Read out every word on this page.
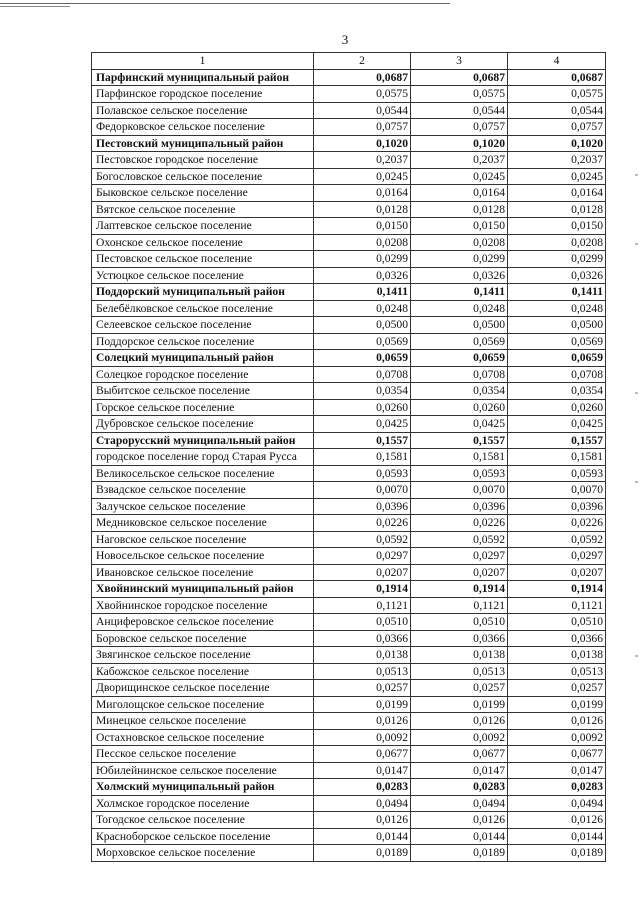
3
1	2	3	4
Парфинский муниципальный район	0,0687	0,0687	0,0687
Парфинское городское поселение	0,0575	0,0575	0,0575
Полавское сельское поселение	0,0544	0,0544	0,0544
Федорковское сельское поселение	0,0757	0,0757	0,0757
Пестовский муниципальный район	0,1020	0,1020	0,1020
Пестовское городское поселение	0,2037	0,2037	0,2037
Богословское сельское поселение	0,0245	0,0245	0,0245
Быковское сельское поселение	0,0164	0,0164	0,0164
Вятское сельское поселение	0,0128	0,0128	0,0128
Лаптевское сельское поселение	0,0150	0,0150	0,0150
Охонское сельское поселение	0,0208	0,0208	0,0208
Пестовское сельское поселение	0,0299	0,0299	0,0299
Устюцкое сельское поселение	0,0326	0,0326	0,0326
Поддорский муниципальный район	0,1411	0,1411	0,1411
Белебёлковское сельское поселение	0,0248	0,0248	0,0248
Селеевское сельское поселение	0,0500	0,0500	0,0500
Поддорское сельское поселение	0,0569	0,0569	0,0569
Солецкий муниципальный район	0,0659	0,0659	0,0659
Солецкое городское поселение	0,0708	0,0708	0,0708
Выбитское сельское поселение	0,0354	0,0354	0,0354
Горское сельское поселение	0,0260	0,0260	0,0260
Дубровское сельское поселение	0,0425	0,0425	0,0425
Старорусский муниципальный район	0,1557	0,1557	0,1557
городское поселение город Старая Русса	0,1581	0,1581	0,1581
Великосельское сельское поселение	0,0593	0,0593	0,0593
Взвадское сельское поселение	0,0070	0,0070	0,0070
Залучское сельское поселение	0,0396	0,0396	0,0396
Медниковское сельское поселение	0,0226	0,0226	0,0226
Наговское сельское поселение	0,0592	0,0592	0,0592
Новосельское сельское поселение	0,0297	0,0297	0,0297
Ивановское сельское поселение	0,0207	0,0207	0,0207
Хвойнинский муниципальный район	0,1914	0,1914	0,1914
Хвойнинское городское поселение	0,1121	0,1121	0,1121
Анциферовское сельское поселение	0,0510	0,0510	0,0510
Боровское сельское поселение	0,0366	0,0366	0,0366
Звягинское сельское поселение	0,0138	0,0138	0,0138
Кабожское сельское поселение	0,0513	0,0513	0,0513
Дворищинское сельское поселение	0,0257	0,0257	0,0257
Миголощское сельское поселение	0,0199	0,0199	0,0199
Минецкое сельское поселение	0,0126	0,0126	0,0126
Остахновское сельское поселение	0,0092	0,0092	0,0092
Песское сельское поселение	0,0677	0,0677	0,0677
Юбилейнинское сельское поселение	0,0147	0,0147	0,0147
Холмский муниципальный район	0,0283	0,0283	0,0283
Холмское городское поселение	0,0494	0,0494	0,0494
Тогодское сельское поселение	0,0126	0,0126	0,0126
Красноборское сельское поселение	0,0144	0,0144	0,0144
Морховское сельское поселение	0,0189	0,0189	0,0189
